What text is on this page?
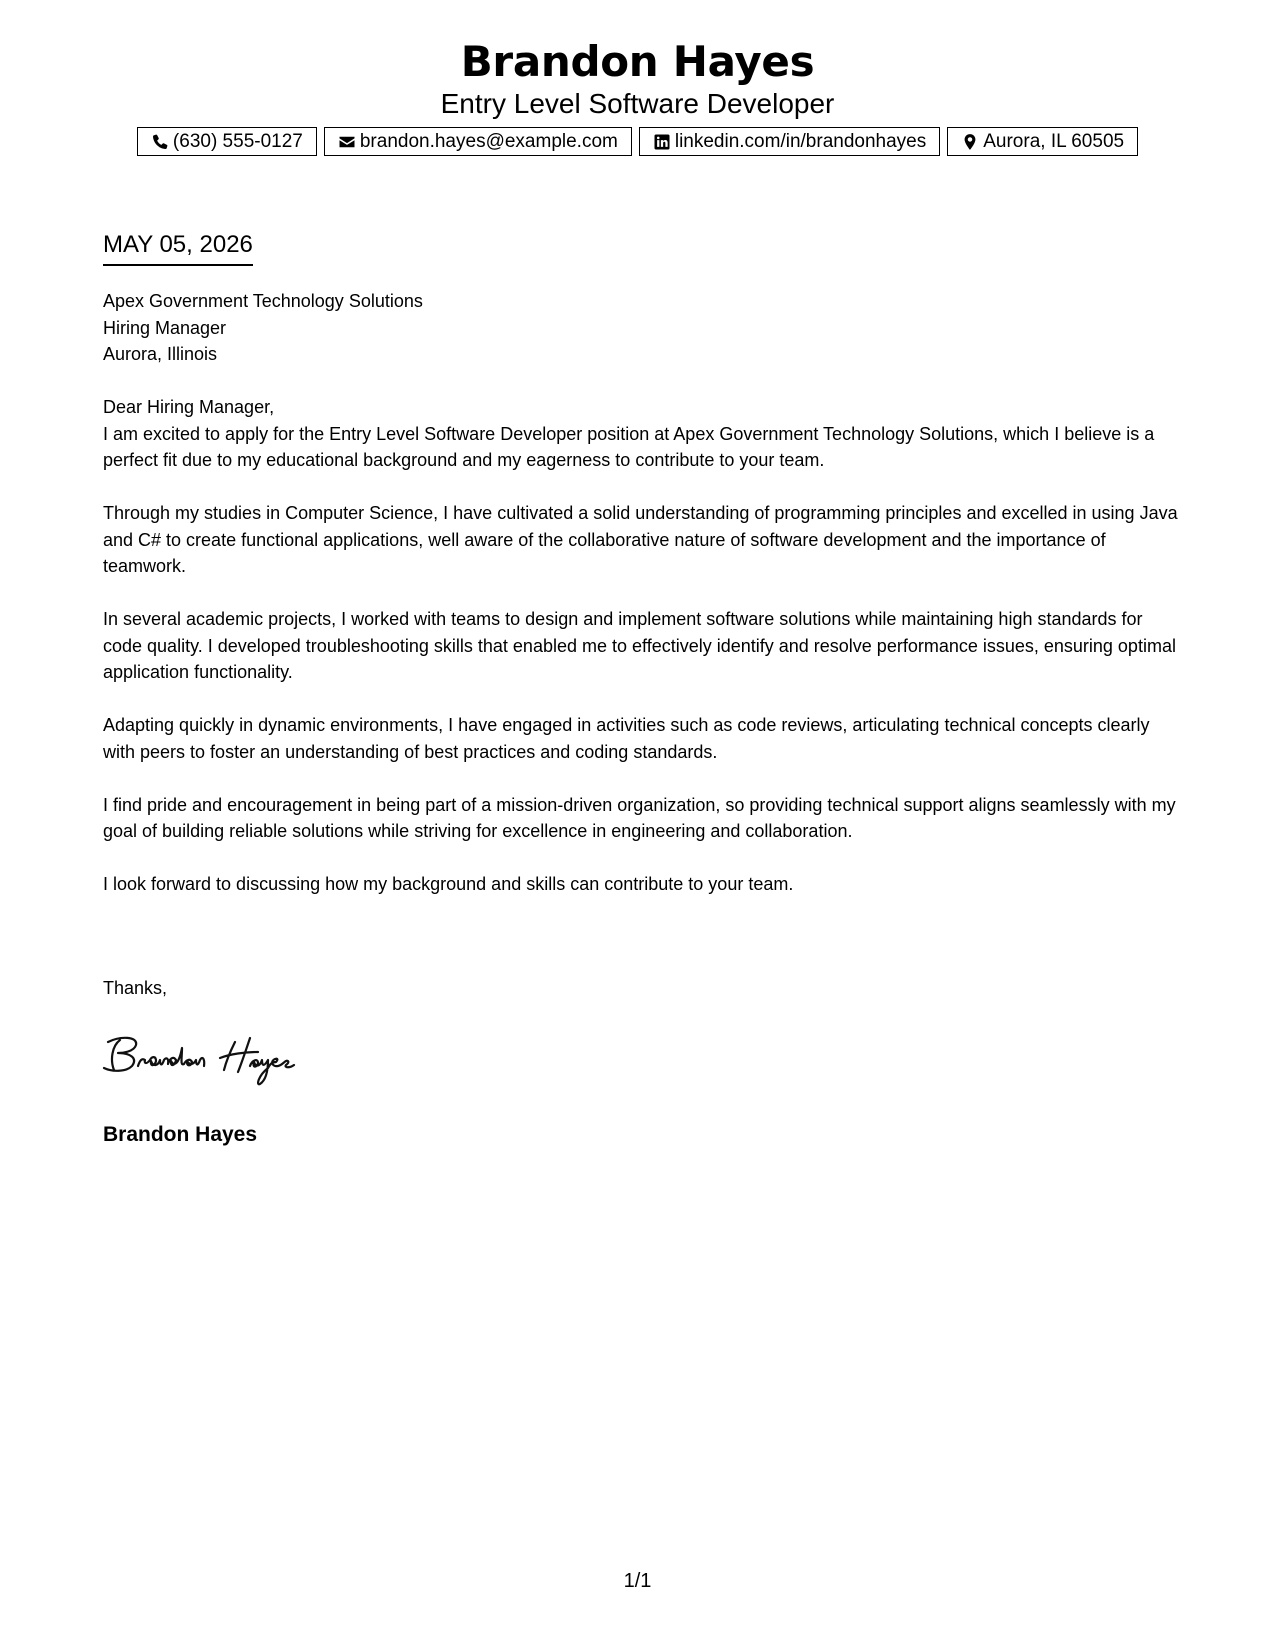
Brandon Hayes

Entry Level Software Developer

(630) 555-0127	brandon.hayes@example.com	linkedin.com/in/brandonhayes	Aurora, IL 60505
MAY 05, 2026

Apex Government Technology Solutions

Hiring Manager

Aurora, Illinois

Dear Hiring Manager,

I am excited to apply for the Entry Level Software Developer position at Apex Government Technology Solutions, which I believe is a perfect fit due to my educational background and my eagerness to contribute to your team.

Through my studies in Computer Science, I have cultivated a solid understanding of programming principles and excelled in using Java and C# to create functional applications, well aware of the collaborative nature of software development and the importance of teamwork.

In several academic projects, I worked with teams to design and implement software solutions while maintaining high standards for code quality. I developed troubleshooting skills that enabled me to effectively identify and resolve performance issues, ensuring optimal application functionality.

Adapting quickly in dynamic environments, I have engaged in activities such as code reviews, articulating technical concepts clearly with peers to foster an understanding of best practices and coding standards.

I find pride and encouragement in being part of a mission-driven organization, so providing technical support aligns seamlessly with my goal of building reliable solutions while striving for excellence in engineering and collaboration.

I look forward to discussing how my background and skills can contribute to your team.

Thanks,
Brandon Hayes
1/1
